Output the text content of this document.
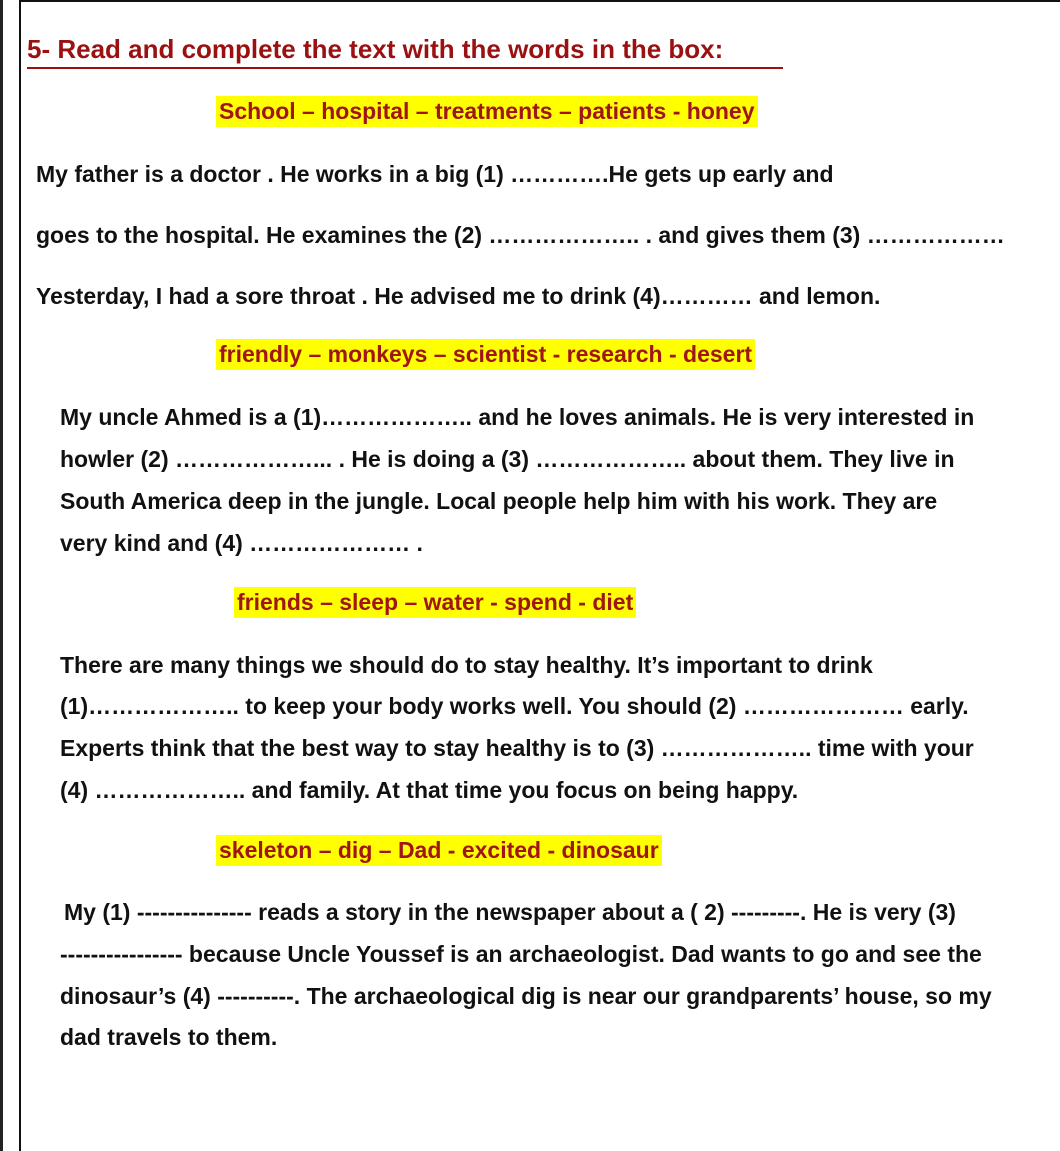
5- Read and complete the text with the words in the box:
School – hospital – treatments – patients - honey
My father is a doctor . He works in a big (1) ………….He gets up early and
goes to the hospital. He examines the (2) ……………….. . and gives them (3) ………………
Yesterday, I had a sore throat . He advised me to drink (4)………… and lemon.
friendly – monkeys – scientist - research - desert
My uncle Ahmed is a (1)……………….. and he loves animals. He is very interested in
howler (2) ………………... . He is doing a (3) ……………….. about them. They live in
South America deep in the jungle. Local people help him with his work. They are
very kind and (4) ………………… .
friends – sleep – water - spend - diet
There are many things we should do to stay healthy. It’s important to drink
(1)……………….. to keep your body works well. You should (2) ………………… early.
Experts think that the best way to stay healthy is to (3) ……………….. time with your
(4) ……………….. and family. At that time you focus on being happy.
skeleton – dig – Dad - excited - dinosaur
My (1) --------------- reads a story in the newspaper about a ( 2) ---------. He is very (3)
---------------- because Uncle Youssef is an archaeologist. Dad wants to go and see the
dinosaur’s (4) ----------. The archaeological dig is near our grandparents’ house, so my
dad travels to them.
